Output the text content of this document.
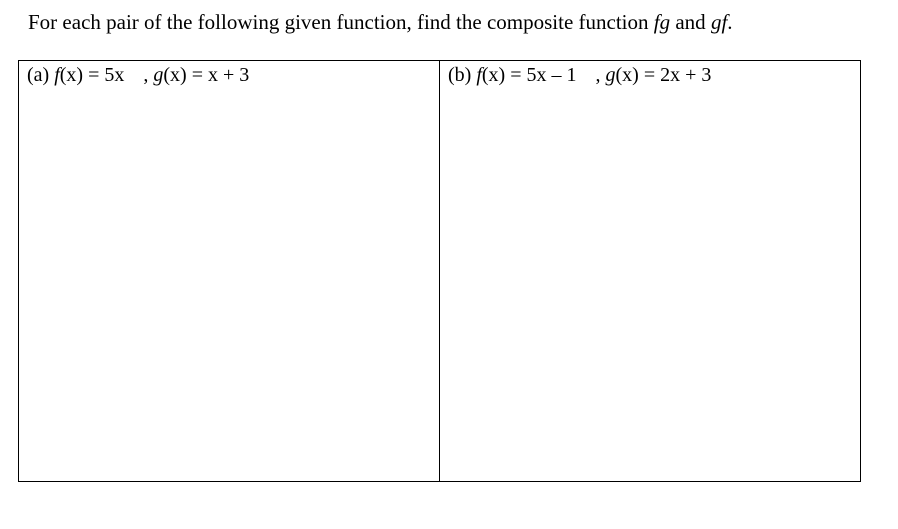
For each pair of the following given function, find the composite function fg and gf.
(a) f(x) = 5x , g(x) = x + 3	(b) f(x) = 5x – 1 , g(x) = 2x + 3
